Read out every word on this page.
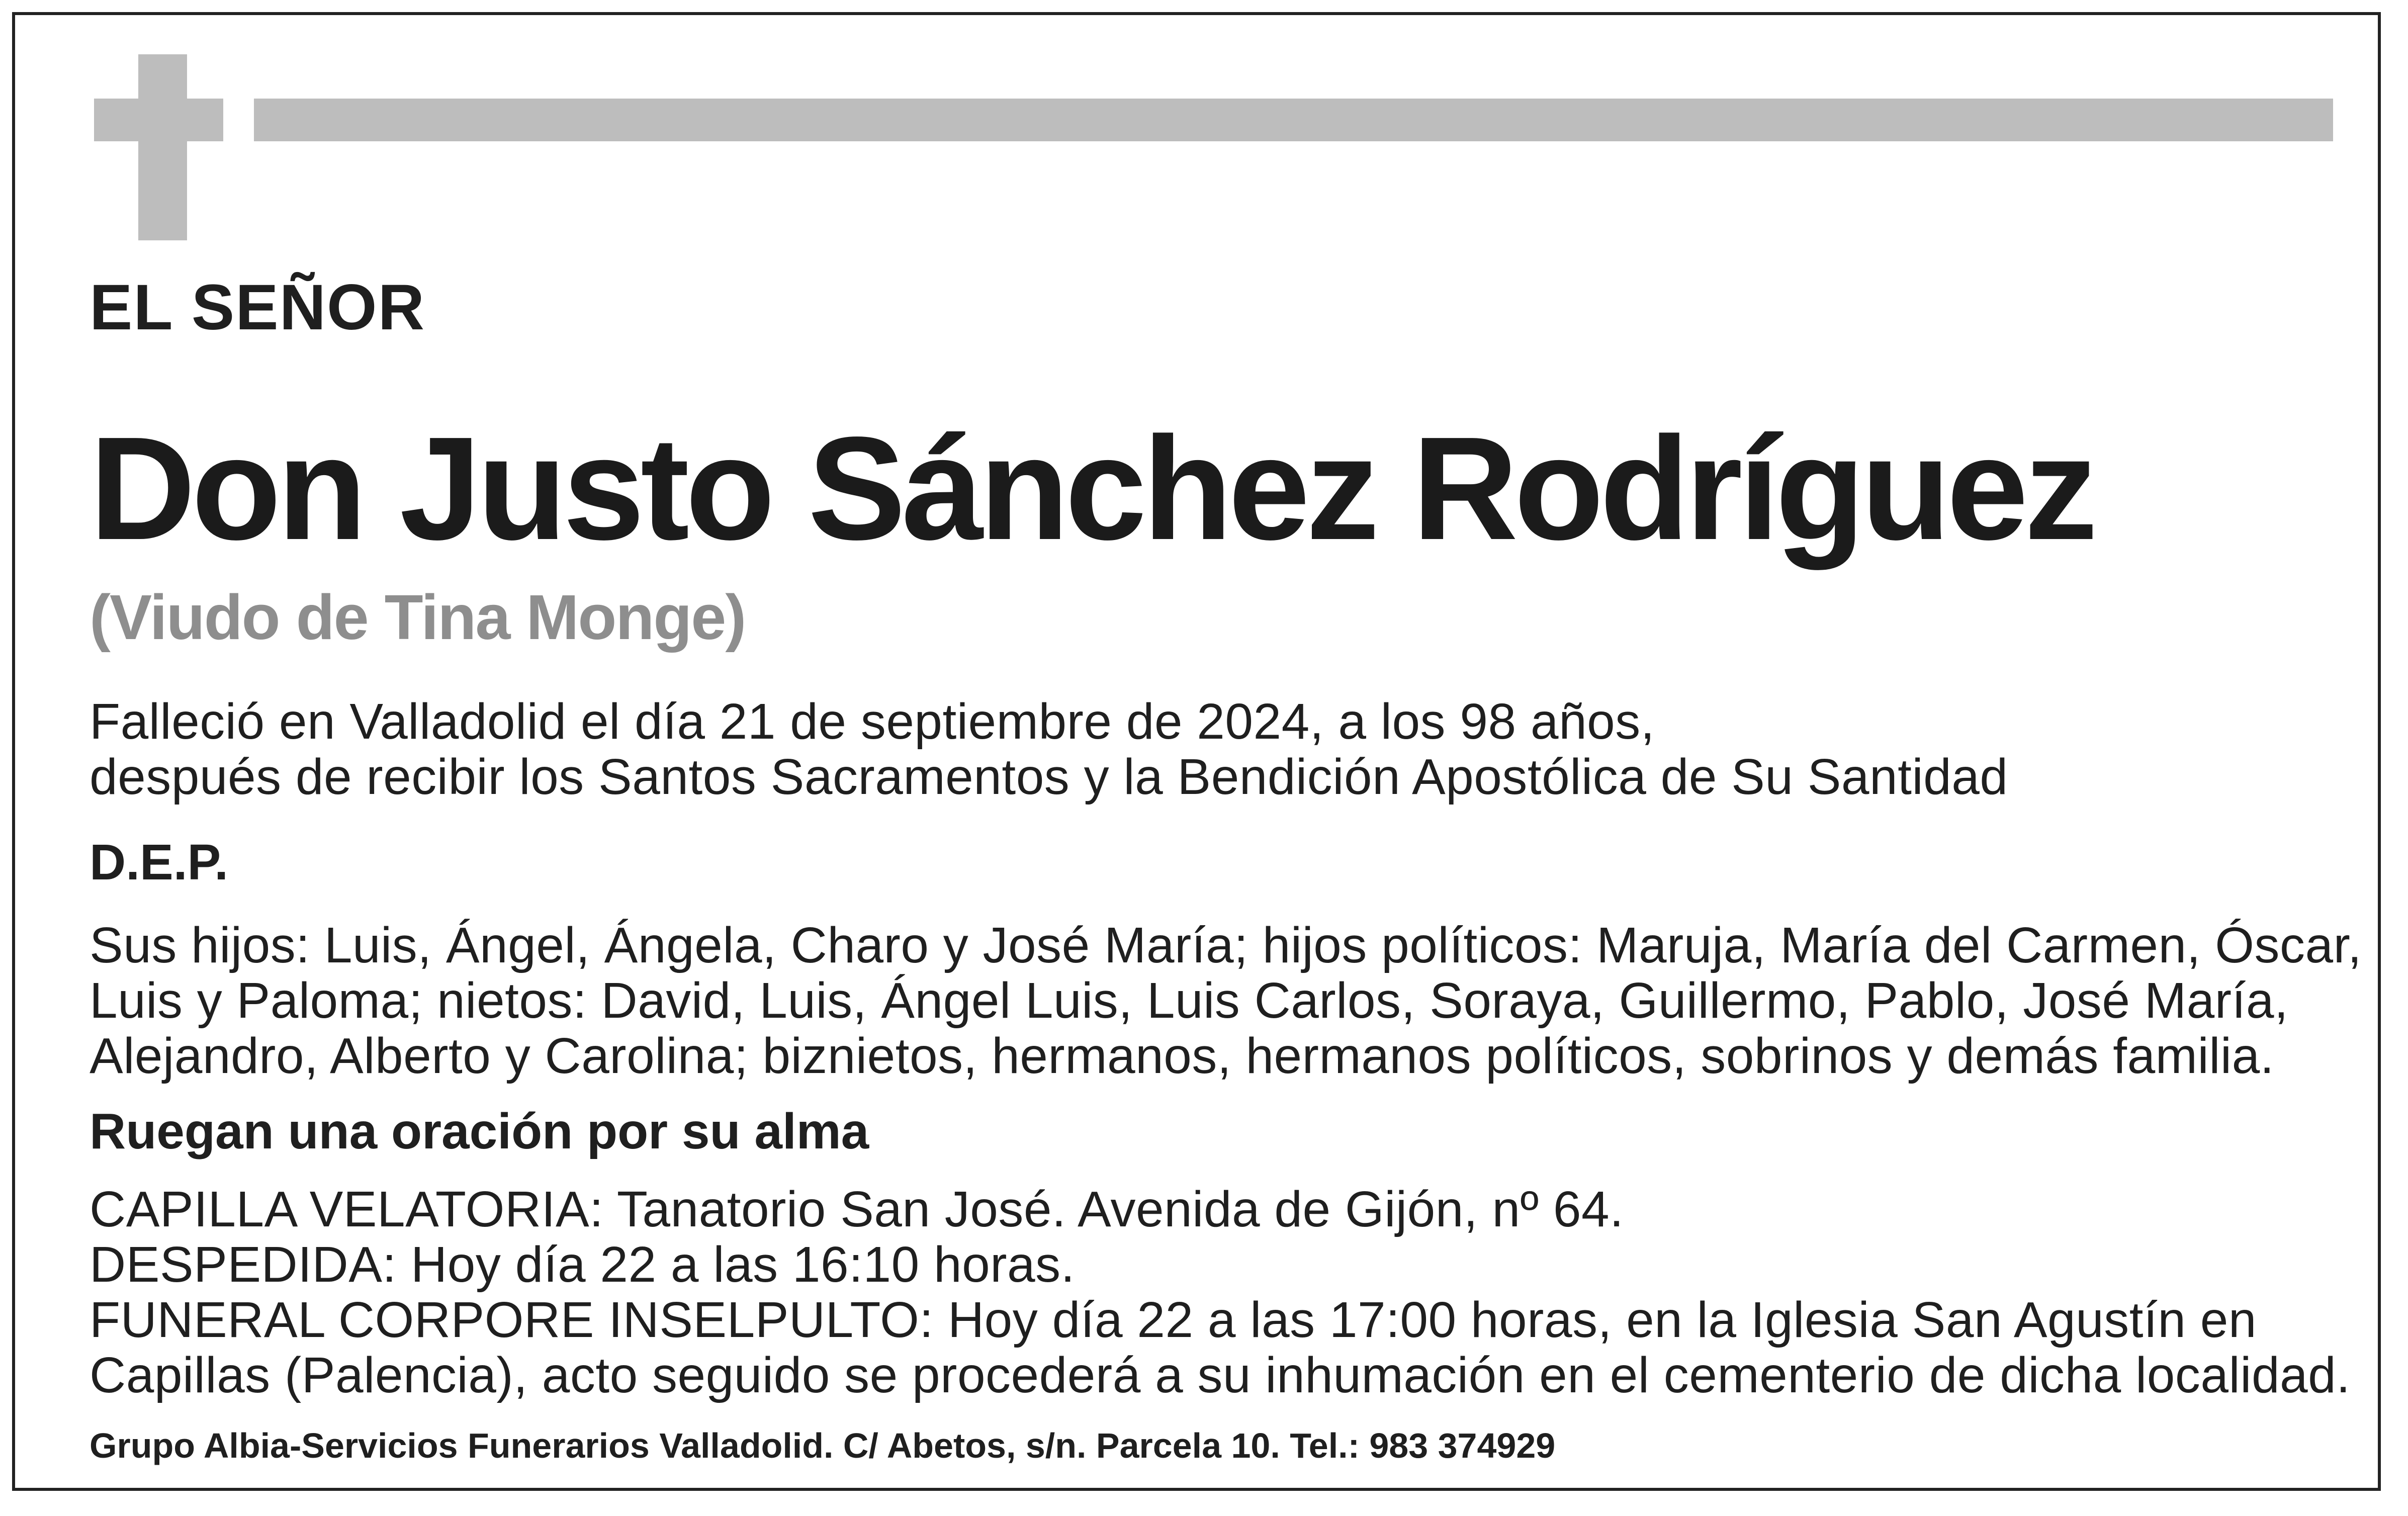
EL SEÑOR
Don Justo Sánchez Rodríguez
(Viudo de Tina Monge)
Falleció en Valladolid el día 21 de septiembre de 2024, a los 98 años,
después de recibir los Santos Sacramentos y la Bendición Apostólica de Su Santidad
D.E.P.
Sus hijos: Luis, Ángel, Ángela, Charo y José María; hijos políticos: Maruja, María del Carmen, Óscar,
Luis y Paloma; nietos: David, Luis, Ángel Luis, Luis Carlos, Soraya, Guillermo, Pablo, José María,
Alejandro, Alberto y Carolina; biznietos, hermanos, hermanos políticos, sobrinos y demás familia.
Ruegan una oración por su alma
CAPILLA VELATORIA: Tanatorio San José. Avenida de Gijón, nº 64.
DESPEDIDA: Hoy día 22 a las 16:10 horas.
FUNERAL CORPORE INSELPULTO: Hoy día 22 a las 17:00 horas, en la Iglesia San Agustín en
Capillas (Palencia), acto seguido se procederá a su inhumación en el cementerio de dicha localidad.
Grupo Albia-Servicios Funerarios Valladolid. C/ Abetos, s/n. Parcela 10. Tel.: 983 374929
